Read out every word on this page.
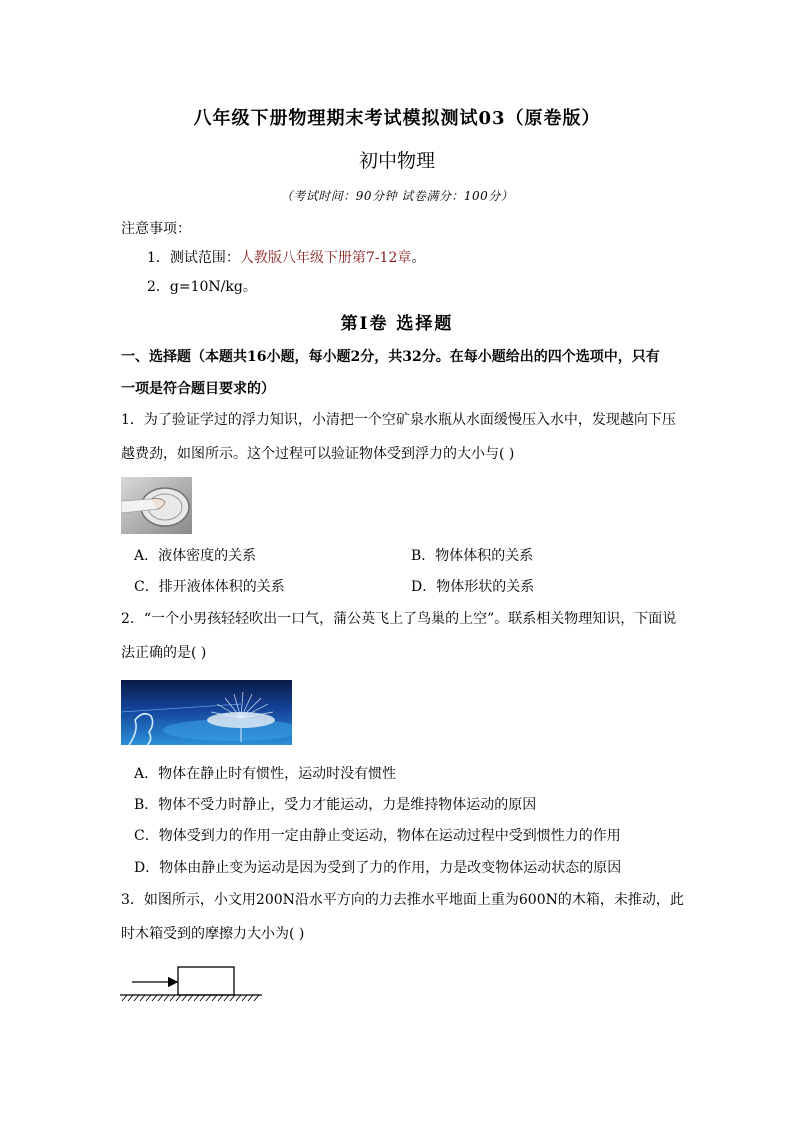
八年级下册物理期末考试模拟测试03（原卷版）
初中物理
（考试时间：90分钟 试卷满分：100分）
注意事项：
1．测试范围：人教版八年级下册第7-12章。
2．g=10N/kg。
第Ⅰ卷 选择题
一、选择题（本题共16小题，每小题2分，共32分。在每小题给出的四个选项中，只有
一项是符合题目要求的）
1．为了验证学过的浮力知识，小清把一个空矿泉水瓶从水面缓慢压入水中，发现越向下压
越费劲，如图所示。这个过程可以验证物体受到浮力的大小与( )
A．液体密度的关系	B．物体体积的关系
C．排开液体体积的关系	D．物体形状的关系
2．“一个小男孩轻轻吹出一口气，蒲公英飞上了鸟巢的上空”。联系相关物理知识，下面说
法正确的是( )
A．物体在静止时有惯性，运动时没有惯性
B．物体不受力时静止，受力才能运动，力是维持物体运动的原因
C．物体受到力的作用一定由静止变运动，物体在运动过程中受到惯性力的作用
D．物体由静止变为运动是因为受到了力的作用，力是改变物体运动状态的原因
3．如图所示，小文用200N沿水平方向的力去推水平地面上重为600N的木箱，未推动，此
时木箱受到的摩擦力大小为( )
